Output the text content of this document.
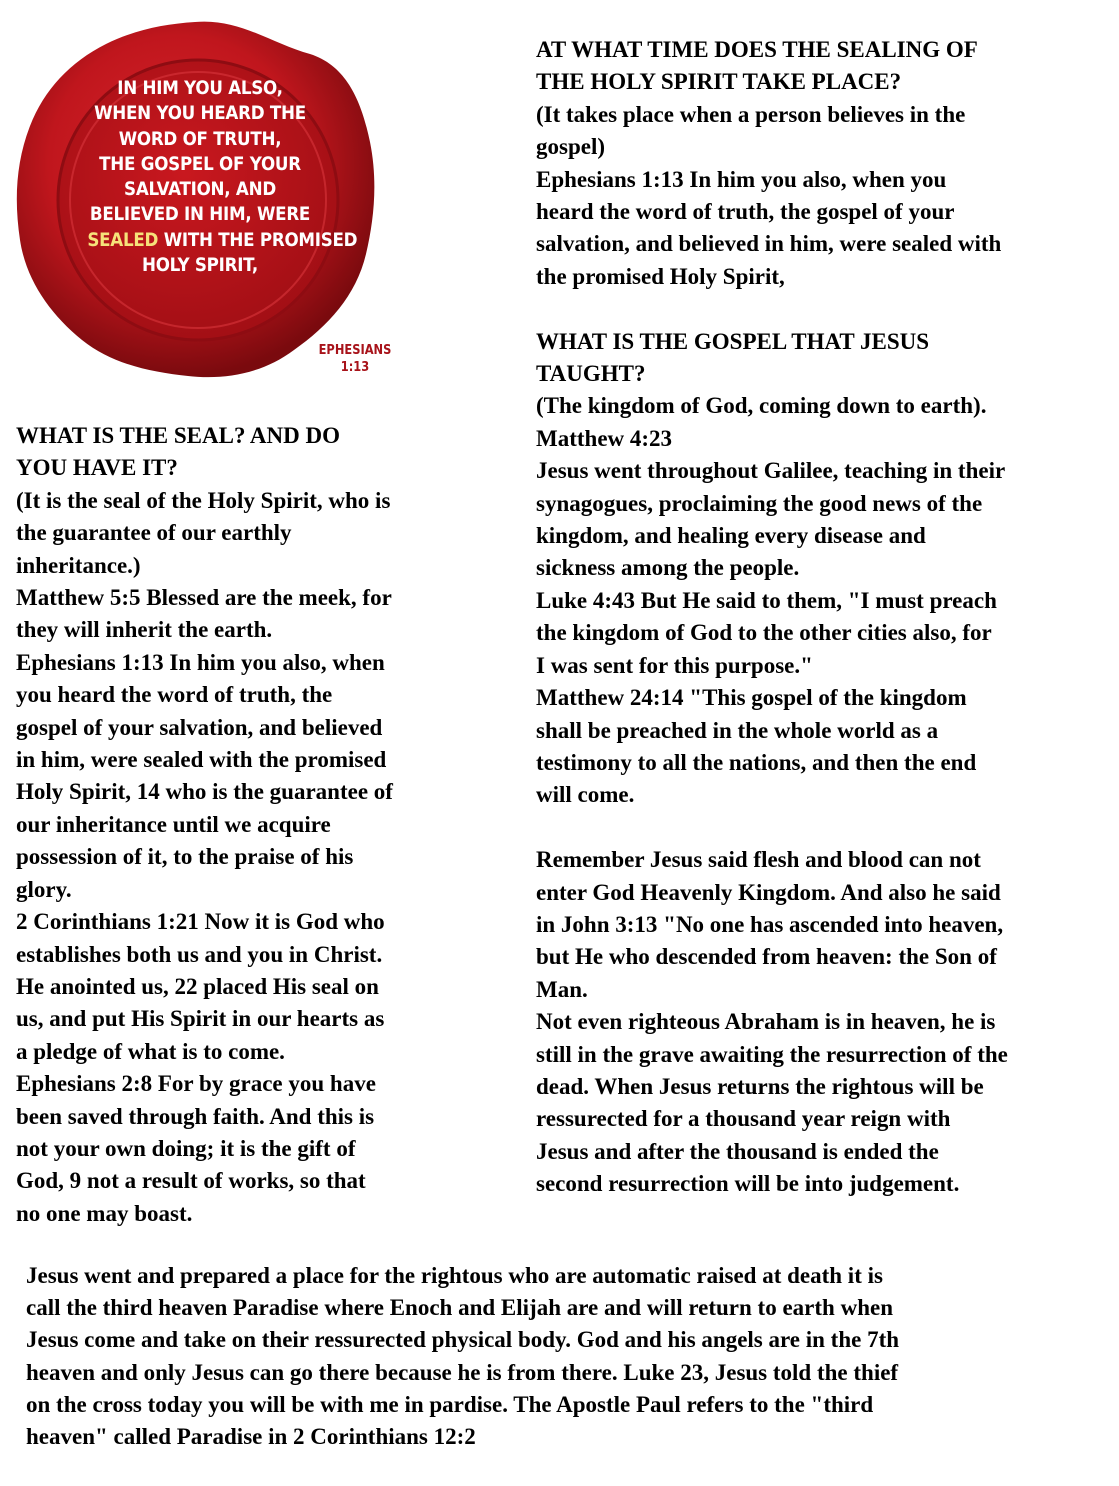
IN HIM YOU ALSO,
WHEN YOU HEARD THE
WORD OF TRUTH,
THE GOSPEL OF YOUR
SALVATION, AND
BELIEVED IN HIM, WERE
SEALED WITH THE PROMISED
HOLY SPIRIT,
EPHESIANS
1:13

AT WHAT TIME DOES THE SEALING OF

THE HOLY SPIRIT TAKE PLACE?

(It takes place when a person believes in the

gospel)

Ephesians 1:13 In him you also, when you

heard the word of truth, the gospel of your

salvation, and believed in him, were sealed with

the promised Holy Spirit,

WHAT IS THE GOSPEL THAT JESUS

TAUGHT?

(The kingdom of God, coming down to earth).

Matthew 4:23

Jesus went throughout Galilee, teaching in their

synagogues, proclaiming the good news of the

kingdom, and healing every disease and

sickness among the people.

Luke 4:43 But He said to them, "I must preach

the kingdom of God to the other cities also, for

I was sent for this purpose."

Matthew 24:14 "This gospel of the kingdom

shall be preached in the whole world as a

testimony to all the nations, and then the end

will come.

Remember Jesus said flesh and blood can not

enter God Heavenly Kingdom. And also he said

in John 3:13 "No one has ascended into heaven,

but He who descended from heaven: the Son of

Man.

Not even righteous Abraham is in heaven, he is

still in the grave awaiting the resurrection of the

dead. When Jesus returns the rightous will be

ressurected for a thousand year reign with

Jesus and after the thousand is ended the

second resurrection will be into judgement.

WHAT IS THE SEAL? AND DO

YOU HAVE IT?

(It is the seal of the Holy Spirit, who is

the guarantee of our earthly

inheritance.)

Matthew 5:5 Blessed are the meek, for

they will inherit the earth.

Ephesians 1:13 In him you also, when

you heard the word of truth, the

gospel of your salvation, and believed

in him, were sealed with the promised

Holy Spirit, 14 who is the guarantee of

our inheritance until we acquire

possession of it, to the praise of his

glory.

2 Corinthians 1:21 Now it is God who

establishes both us and you in Christ.

He anointed us, 22 placed His seal on

us, and put His Spirit in our hearts as

a pledge of what is to come.

Ephesians 2:8 For by grace you have

been saved through faith. And this is

not your own doing; it is the gift of

God, 9 not a result of works, so that

no one may boast.

Jesus went and prepared a place for the rightous who are automatic raised at death it is

call the third heaven Paradise where Enoch and Elijah are and will return to earth when

Jesus come and take on their ressurected physical body. God and his angels are in the 7th

heaven and only Jesus can go there because he is from there. Luke 23, Jesus told the thief

on the cross today you will be with me in pardise. The Apostle Paul refers to the "third

heaven" called Paradise in 2 Corinthians 12:2
